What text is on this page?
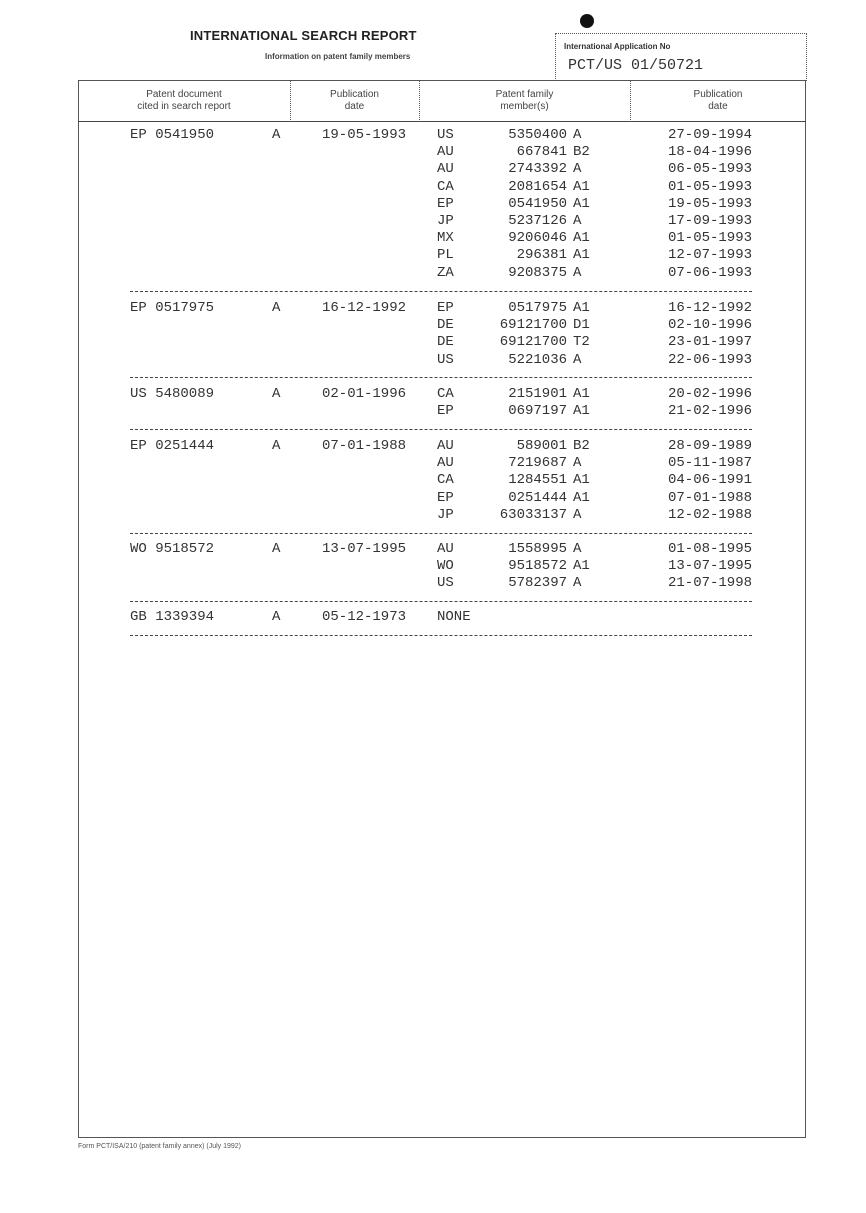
INTERNATIONAL SEARCH REPORT
Information on patent family members
International Application No
PCT/US 01/50721
Patent document
cited in search report
Publication
date
Patent family
member(s)
Publication
date
EP 0541950	A	19-05-1993 US	5350400 A	27-09-1994
AU	667841 B2	18-04-1996
AU	2743392 A	06-05-1993
CA	2081654 A1	01-05-1993
EP	0541950 A1	19-05-1993
JP	5237126 A	17-09-1993
MX	9206046 A1	01-05-1993
PL	296381 A1	12-07-1993
ZA	9208375 A	07-06-1993
EP 0517975	A	16-12-1992 EP	0517975 A1	16-12-1992
DE	69121700 D1	02-10-1996
DE	69121700 T2	23-01-1997
US	5221036 A	22-06-1993
US 5480089	A	02-01-1996 CA	2151901 A1	20-02-1996
EP	0697197 A1	21-02-1996
EP 0251444	A	07-01-1988 AU	589001 B2	28-09-1989
AU	7219687 A	05-11-1987
CA	1284551 A1	04-06-1991
EP	0251444 A1	07-01-1988
JP	63033137 A	12-02-1988
WO 9518572	A	13-07-1995 AU	1558995 A	01-08-1995
WO	9518572 A1	13-07-1995
US	5782397 A	21-07-1998
GB 1339394	A	05-12-1973 NONE
Form PCT/ISA/210 (patent family annex) (July 1992)
